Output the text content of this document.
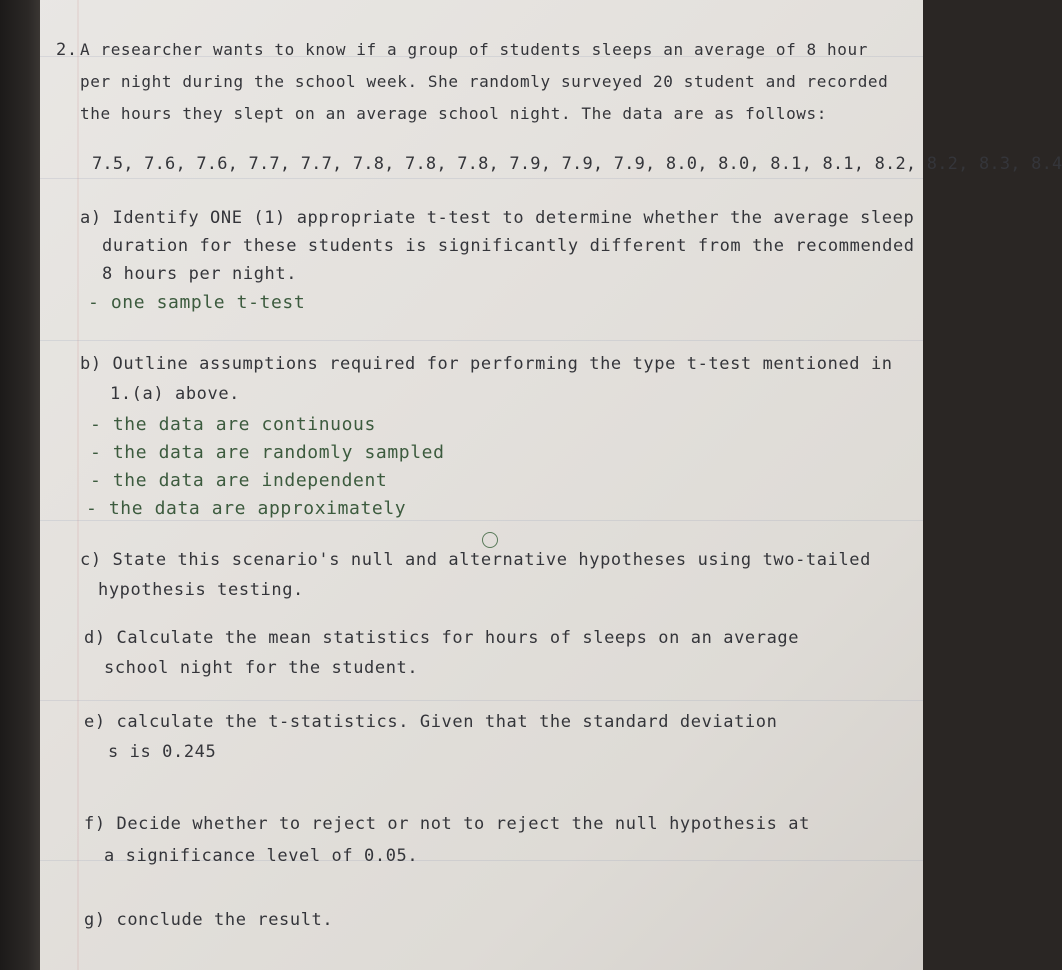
2. A researcher wants to know if a group of students sleeps an average of 8 hour
per night during the school week. She randomly surveyed 20 student and recorded
the hours they slept on an average school night. The data are as follows:
7.5, 7.6, 7.6, 7.7, 7.7, 7.8, 7.8, 7.8, 7.9, 7.9, 7.9, 8.0, 8.0, 8.1, 8.1, 8.2, 8.2, 8.3, 8.4
a) Identify ONE (1) appropriate t-test to determine whether the average sleep
duration for these students is significantly different from the recommended
8 hours per night.
- one sample t-test
b) Outline assumptions required for performing the type t-test mentioned in
1.(a) above.
- the data are continuous
- the data are randomly sampled
- the data are independent
- the data are approximately
c) State this scenario's null and alternative hypotheses using two-tailed
hypothesis testing.
d) Calculate the mean statistics for hours of sleeps on an average
school night for the student.
e) calculate the t-statistics. Given that the standard deviation
s is 0.245
f) Decide whether to reject or not to reject the null hypothesis at
a significance level of 0.05.
g) conclude the result.
